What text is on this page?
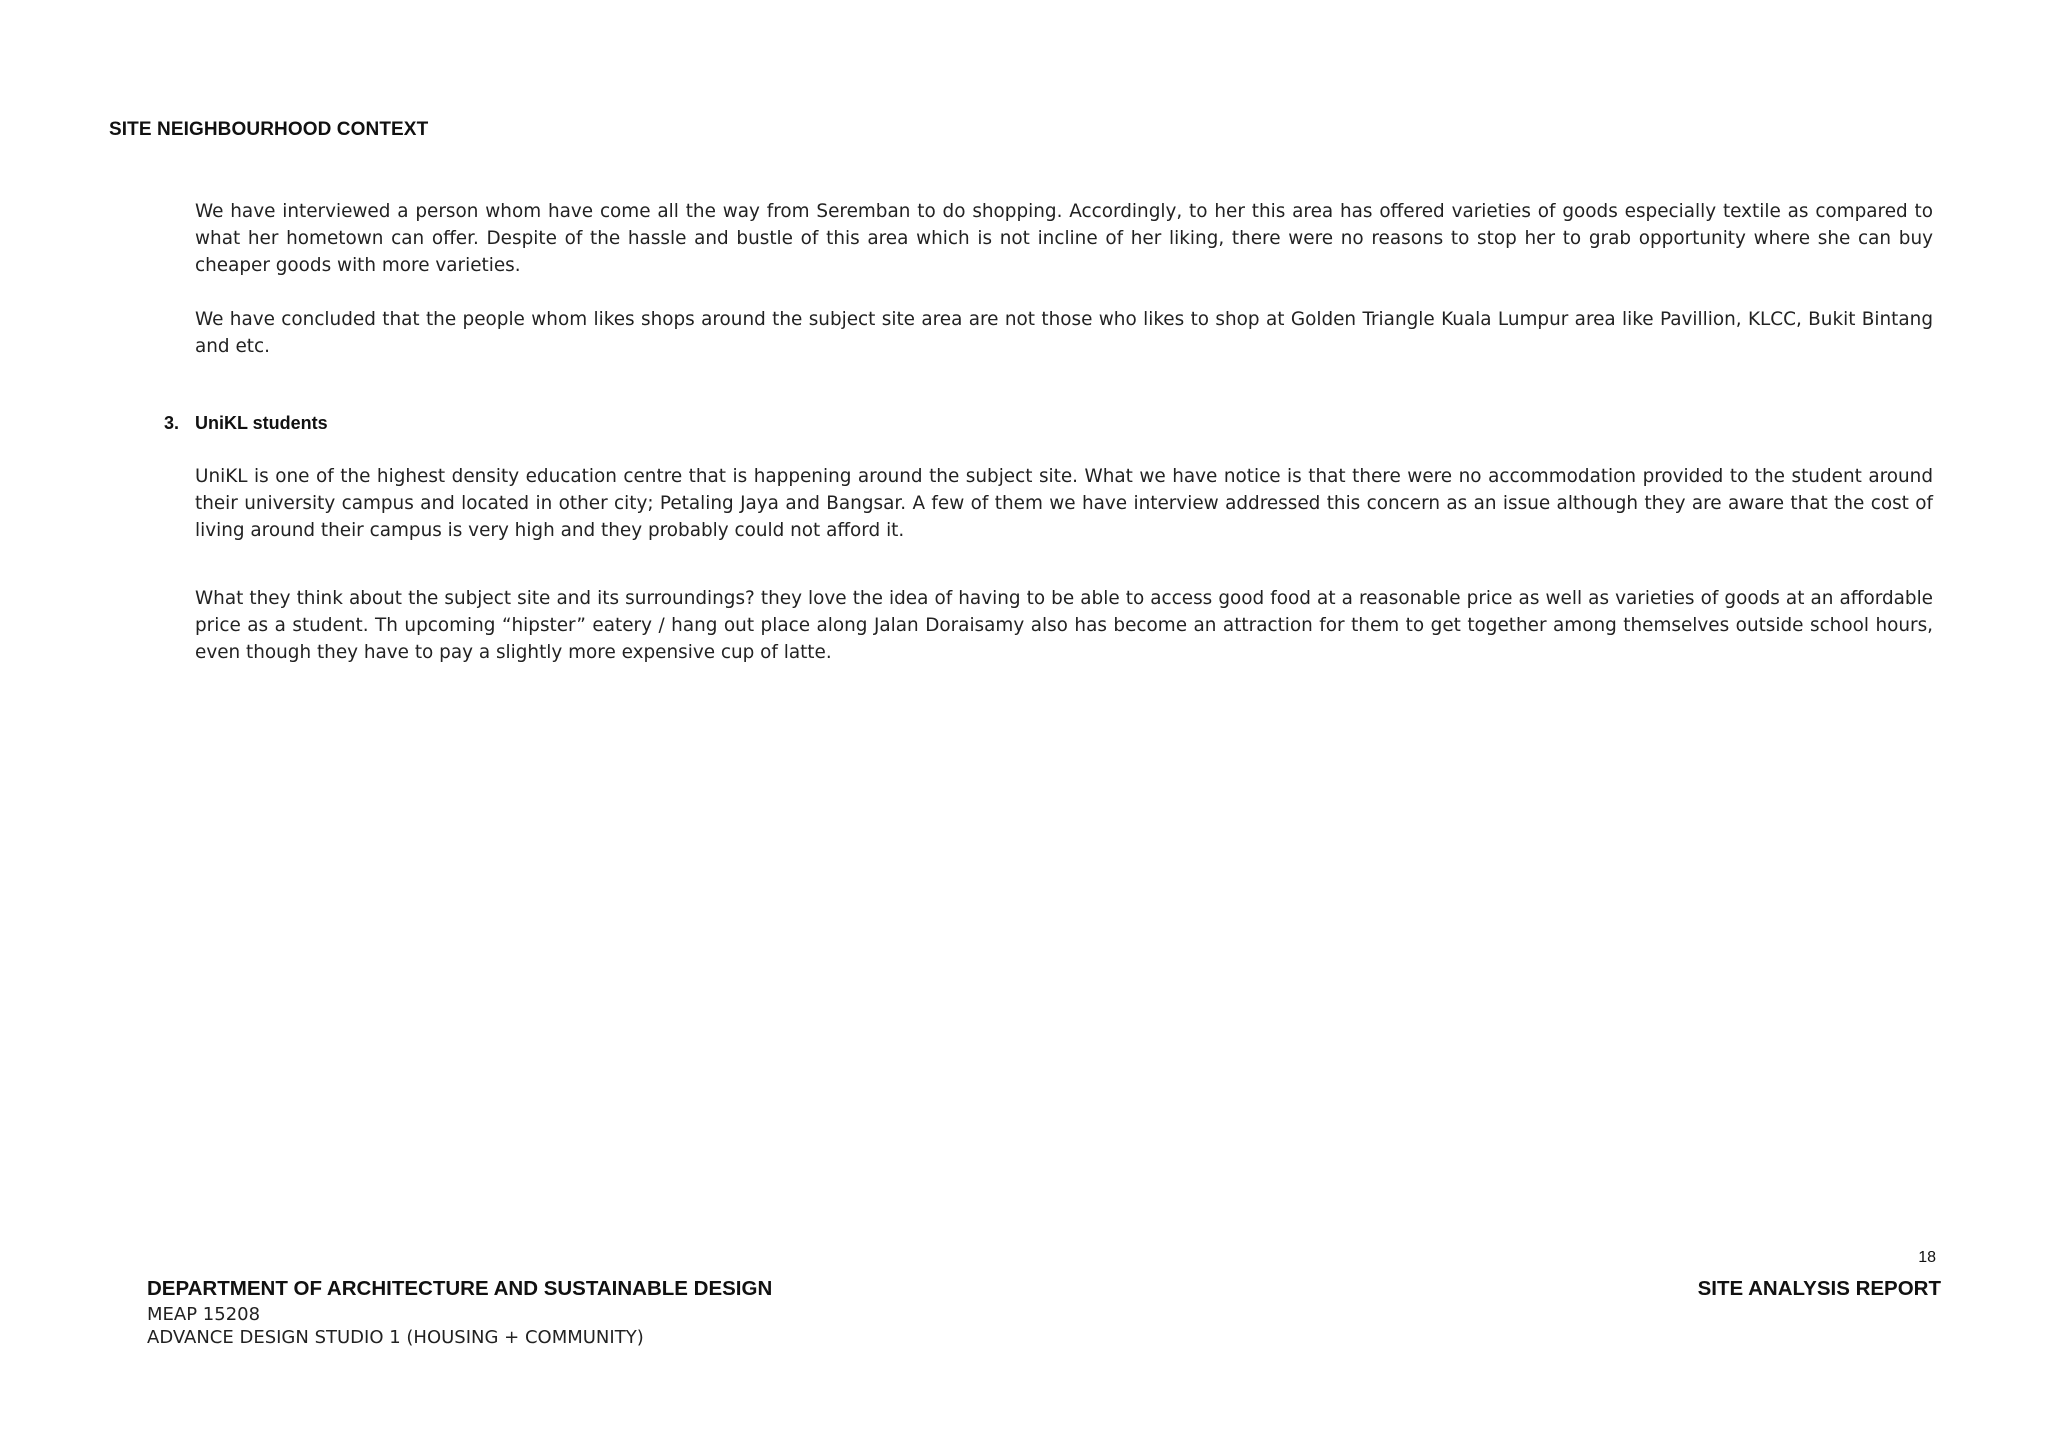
SITE NEIGHBOURHOOD CONTEXT

We have interviewed a person whom have come all the way from Seremban to do shopping. Accordingly, to her this area has offered varieties of goods especially textile as compared to what her hometown can offer. Despite of the hassle and bustle of this area which is not incline of her liking, there were no reasons to stop her to grab opportunity where she can buy cheaper goods with more varieties.

We have concluded that the people whom likes shops around the subject site area are not those who likes to shop at Golden Triangle Kuala Lumpur area like Pavillion, KLCC, Bukit Bintang and etc.

3. UniKL students

UniKL is one of the highest density education centre that is happening around the subject site. What we have notice is that there were no accommodation provided to the student around their university campus and located in other city; Petaling Jaya and Bangsar. A few of them we have interview addressed this concern as an issue although they are aware that the cost of living around their campus is very high and they probably could not afford it.

What they think about the subject site and its surroundings? they love the idea of having to be able to access good food at a reasonable price as well as varieties of goods at an affordable price as a student. Th upcoming “hipster” eatery / hang out place along Jalan Doraisamy also has become an attraction for them to get together among themselves outside school hours, even though they have to pay a slightly more expensive cup of latte.

18

DEPARTMENT OF ARCHITECTURE AND SUSTAINABLE DESIGN

MEAP 15208

ADVANCE DESIGN STUDIO 1 (HOUSING + COMMUNITY)

SITE ANALYSIS REPORT
